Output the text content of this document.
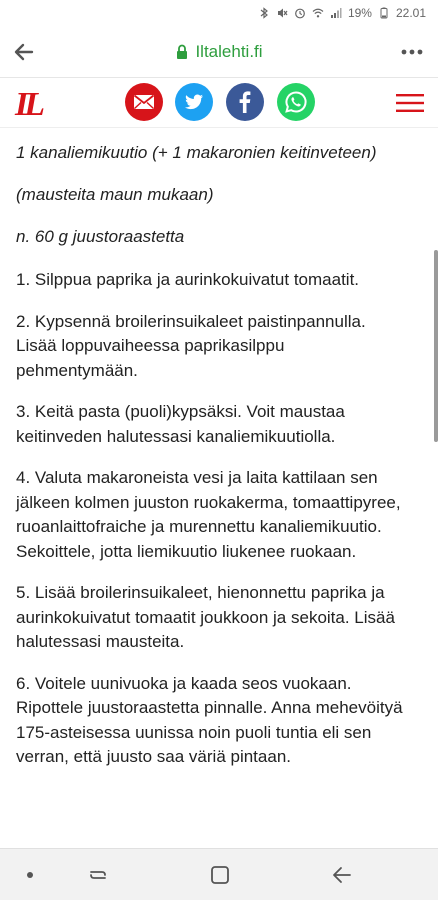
19% 22.01
Iltalehti.fi
IL

1 kanaliemikuutio (+ 1 makaronien keitinveteen)

(mausteita maun mukaan)

n. 60 g juustoraastetta

1. Silppua paprika ja aurinkokuivatut tomaatit.

2. Kypsennä broilerinsuikaleet paistinpannulla. Lisää loppuvaiheessa paprikasilppu pehmentymään.

3. Keitä pasta (puoli)kypsäksi. Voit maustaa keitinveden halutessasi kanaliemikuutiolla.

4. Valuta makaroneista vesi ja laita kattilaan sen jälkeen kolmen juuston ruokakerma, tomaattipyree, ruoanlaittofraiche ja murennettu kanaliemikuutio. Sekoittele, jotta liemikuutio liukenee ruokaan.

5. Lisää broilerinsuikaleet, hienonnettu paprika ja aurinkokuivatut tomaatit joukkoon ja sekoita. Lisää halutessasi mausteita.

6. Voitele uunivuoka ja kaada seos vuokaan. Ripottele juustoraastetta pinnalle. Anna mehevöityä 175-asteisessa uunissa noin puoli tuntia eli sen verran, että juusto saa väriä pintaan.
